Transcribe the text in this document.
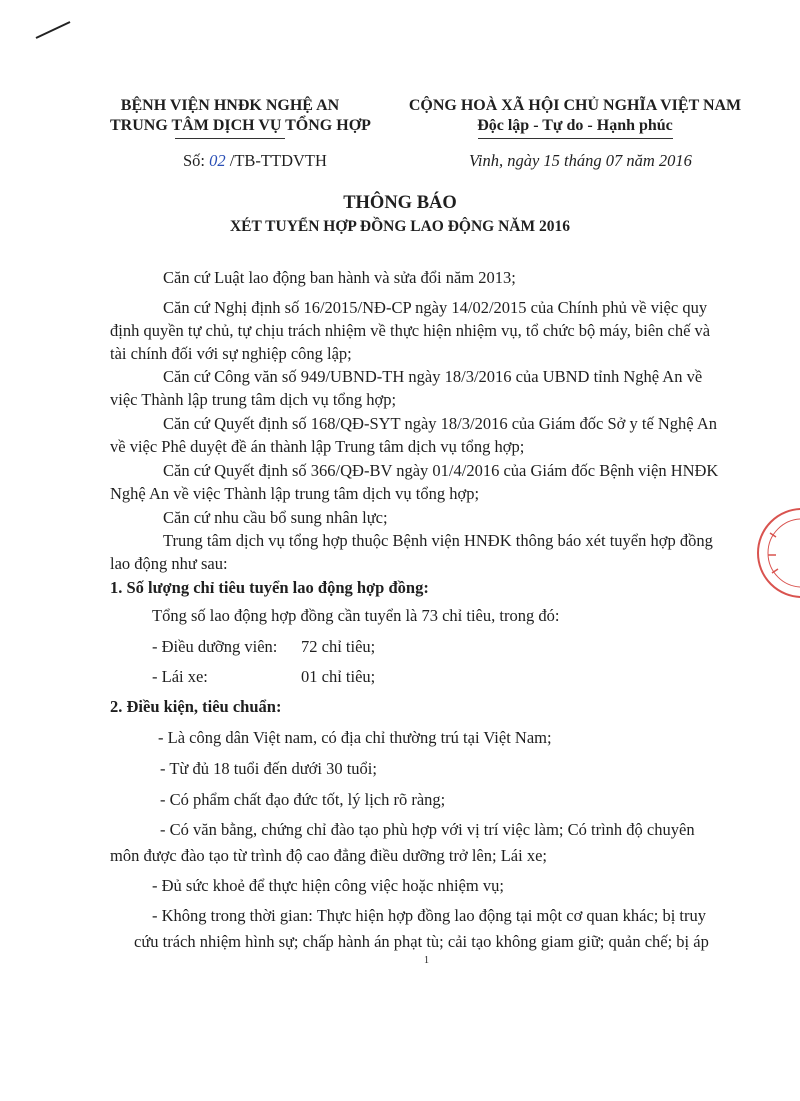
BỆNH VIỆN HNĐK NGHỆ AN
TRUNG TÂM DỊCH VỤ TỔNG HỢP
CỘNG HOÀ XÃ HỘI CHỦ NGHĨA VIỆT NAM
Độc lập - Tự do - Hạnh phúc
Số: 02 /TB-TTDVTH	Vinh, ngày 15 tháng 07 năm 2016
THÔNG BÁO
XÉT TUYỂN HỢP ĐỒNG LAO ĐỘNG NĂM 2016
Căn cứ Luật lao động ban hành và sửa đổi năm 2013;
Căn cứ Nghị định số 16/2015/NĐ-CP ngày 14/02/2015 của Chính phủ về việc quy
định quyền tự chủ, tự chịu trách nhiệm về thực hiện nhiệm vụ, tổ chức bộ máy, biên chế và
tài chính đối với sự nghiệp công lập;
Căn cứ Công văn số 949/UBND-TH ngày 18/3/2016 của UBND tỉnh Nghệ An về
việc Thành lập trung tâm dịch vụ tổng hợp;
Căn cứ Quyết định số 168/QĐ-SYT ngày 18/3/2016 của Giám đốc Sở y tế Nghệ An
về việc Phê duyệt đề án thành lập Trung tâm dịch vụ tổng hợp;
Căn cứ Quyết định số 366/QĐ-BV ngày 01/4/2016 của Giám đốc Bệnh viện HNĐK
Nghệ An về việc Thành lập trung tâm dịch vụ tổng hợp;
Căn cứ nhu cầu bổ sung nhân lực;
Trung tâm dịch vụ tổng hợp thuộc Bệnh viện HNĐK thông báo xét tuyển hợp đồng
lao động như sau:
1. Số lượng chỉ tiêu tuyển lao động hợp đồng:
Tổng số lao động hợp đồng cần tuyển là 73 chỉ tiêu, trong đó:
- Điều dưỡng viên: 72 chỉ tiêu;
- Lái xe:	01 chỉ tiêu;
2. Điều kiện, tiêu chuẩn:
- Là công dân Việt nam, có địa chỉ thường trú tại Việt Nam;
- Từ đủ 18 tuổi đến dưới 30 tuổi;
- Có phẩm chất đạo đức tốt, lý lịch rõ ràng;
- Có văn bằng, chứng chỉ đào tạo phù hợp với vị trí việc làm; Có trình độ chuyên
môn được đào tạo từ trình độ cao đẳng điều dưỡng trở lên; Lái xe;
- Đủ sức khoẻ để thực hiện công việc hoặc nhiệm vụ;
- Không trong thời gian: Thực hiện hợp đồng lao động tại một cơ quan khác; bị truy
cứu trách nhiệm hình sự; chấp hành án phạt tù; cải tạo không giam giữ; quản chế; bị áp
1
